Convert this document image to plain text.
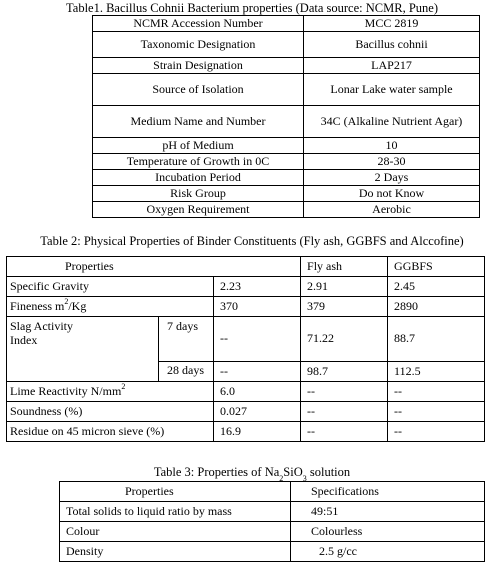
Table1. Bacillus Cohnii Bacterium properties (Data source: NCMR, Pune)
NCMR Accession Number	MCC 2819
Taxonomic Designation	Bacillus cohnii
Strain Designation	LAP217
Source of Isolation	Lonar Lake water sample
Medium Name and Number	34C (Alkaline Nutrient Agar)
pH of Medium	10
Temperature of Growth in 0C	28-30
Incubation Period	2 Days
Risk Group	Do not Know
Oxygen Requirement	Aerobic
Table 2: Physical Properties of Binder Constituents (Fly ash, GGBFS and Alccofine)
Properties			Fly ash	GGBFS	
Specific Gravity		2.23	2.91	2.45	
Fineness $m^2/Kg$		370	379	2890	

Slag Activity
Index	7 days	--	71.22	88.7	
	28 days	--	98.7	112.5	
Lime Reactivity $N/mm^2$		6.0	--	--	
Soundness (%)		0.027	--	--	
Residue on 45 micron sieve (%)		16.9	--	--	
Table 3: Properties of $Na_2SiO_3$ solution
Properties	Specifications
Total solids to liquid ratio by mass	49:51
Colour	Colourless
Density	2.5 g/cc
